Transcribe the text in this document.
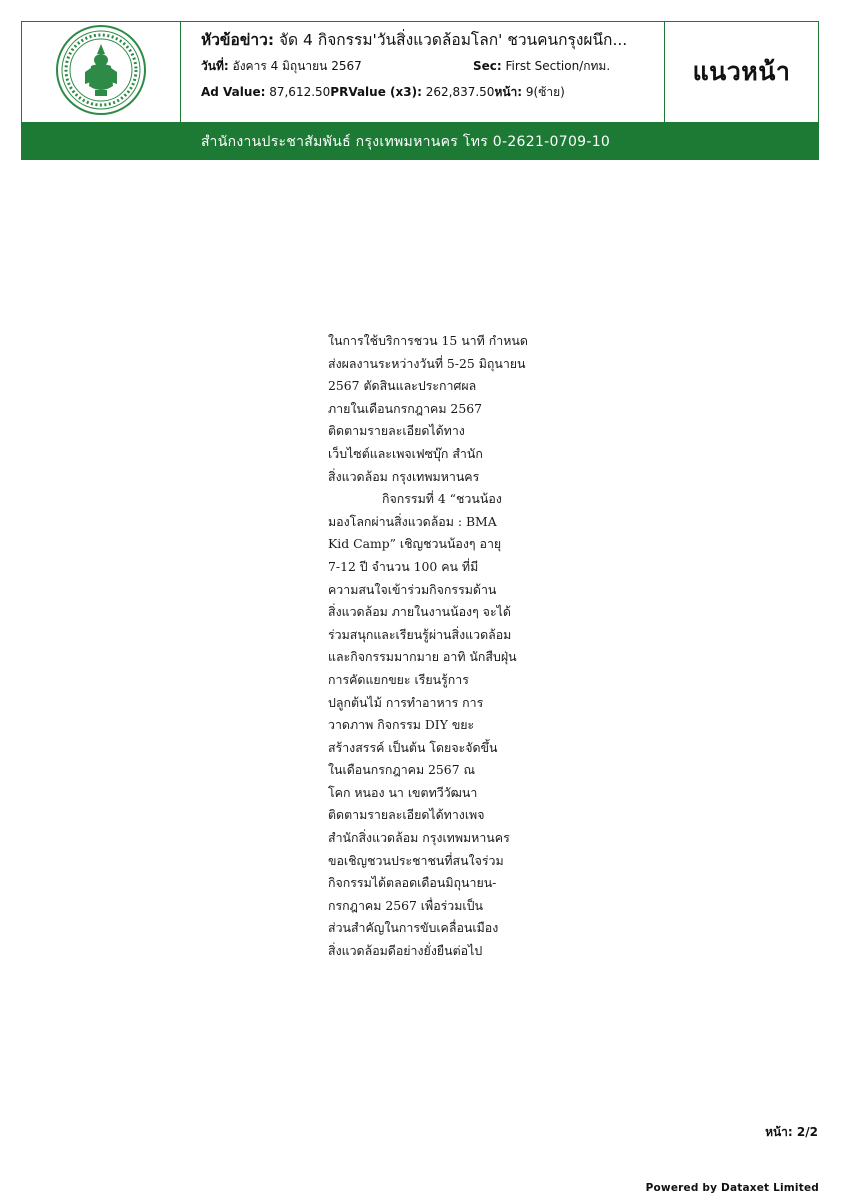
หัวข้อข่าว: จัด 4 กิจกรรม'วันสิ่งแวดล้อมโลก' ชวนคนกรุงผนึก...
วันที่: อังคาร 4 มิถุนายน 2567	Sec: First Section/กทม.
Ad Value: 87,612.50PRValue (x3): 262,837.50หน้า: 9(ซ้าย)
แนวหน้า
สำนักงานประชาสัมพันธ์ กรุงเทพมหานคร โทร 0-2621-0709-10
ในการใช้บริการชวน 15 นาที กำหนด
ส่งผลงานระหว่างวันที่ 5-25 มิถุนายน
2567 ตัดสินและประกาศผล
ภายในเดือนกรกฎาคม 2567
ติดตามรายละเอียดได้ทาง
เว็บไซต์และเพจเฟซบุ๊ก สำนัก
สิ่งแวดล้อม กรุงเทพมหานคร
กิจกรรมที่ 4 “ชวนน้อง
มองโลกผ่านสิ่งแวดล้อม : BMA
Kid Camp” เชิญชวนน้องๆ อายุ
7-12 ปี จำนวน 100 คน ที่มี
ความสนใจเข้าร่วมกิจกรรมด้าน
สิ่งแวดล้อม ภายในงานน้องๆ จะได้
ร่วมสนุกและเรียนรู้ผ่านสิ่งแวดล้อม
และกิจกรรมมากมาย อาทิ นักสืบฝุ่น
การคัดแยกขยะ เรียนรู้การ
ปลูกต้นไม้ การทำอาหาร การ
วาดภาพ กิจกรรม DIY ขยะ
สร้างสรรค์ เป็นต้น โดยจะจัดขึ้น
ในเดือนกรกฎาคม 2567 ณ
โคก หนอง นา เขตทวีวัฒนา
ติดตามรายละเอียดได้ทางเพจ
สำนักสิ่งแวดล้อม กรุงเทพมหานคร
ขอเชิญชวนประชาชนที่สนใจร่วม
กิจกรรมได้ตลอดเดือนมิถุนายน-
กรกฎาคม 2567 เพื่อร่วมเป็น
ส่วนสำคัญในการขับเคลื่อนเมือง
สิ่งแวดล้อมดีอย่างยั่งยืนต่อไป
หน้า: 2/2
Powered by Dataxet Limited
